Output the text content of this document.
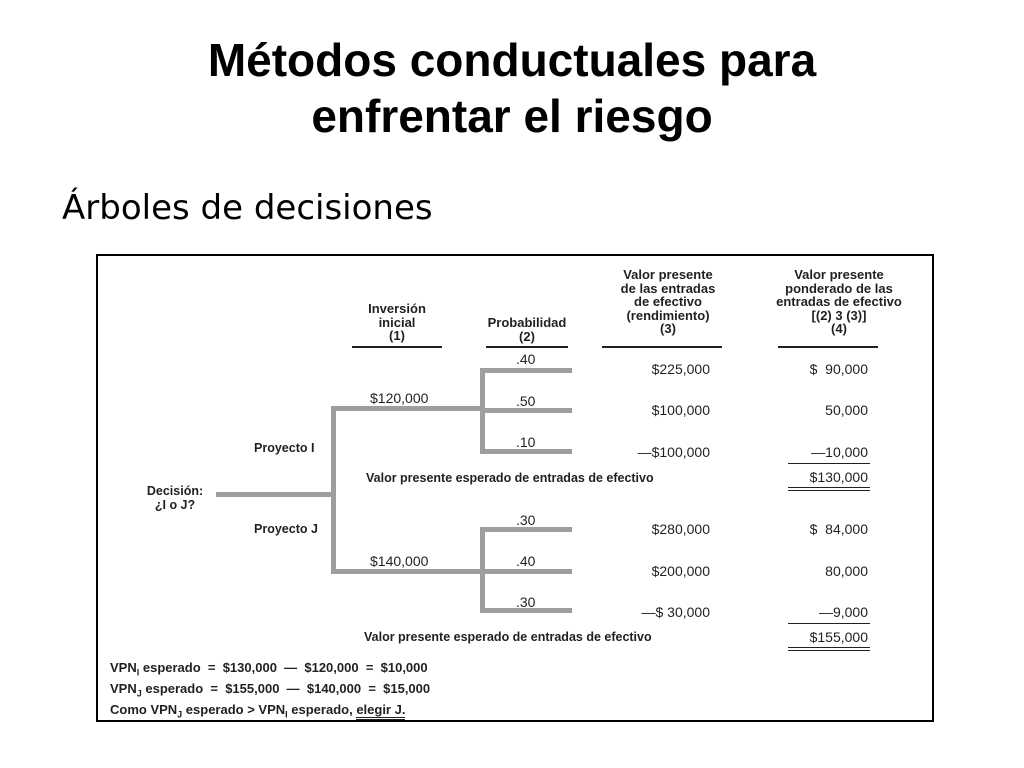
Métodos conductuales para
enfrentar el riesgo
Árboles de decisiones
Inversión
inicial
(1)
Probabilidad
(2)
Valor presente
de las entradas
de efectivo
(rendimiento)
(3)
Valor presente
ponderado de las
entradas de efectivo
[(2) 3 (3)]
(4)
Decisión:
¿I o J?
Proyecto I
Proyecto J
$120,000
$140,000
.40
.50
.10
.30
.40
.30
$225,000
$100,000
—$100,000
$280,000
$200,000
—$ 30,000
$  90,000
50,000
—10,000
Valor presente esperado de entradas de efectivo	$130,000
$  84,000
80,000
—9,000
Valor presente esperado de entradas de efectivo	$155,000
$VPN_I$ esperado  =  $130,000  —  $120,000  =  $10,000
$VPN_J$ esperado  =  $155,000  —  $140,000  =  $15,000
Como $VPN_J$ esperado > $VPN_I$ esperado, elegir J.
